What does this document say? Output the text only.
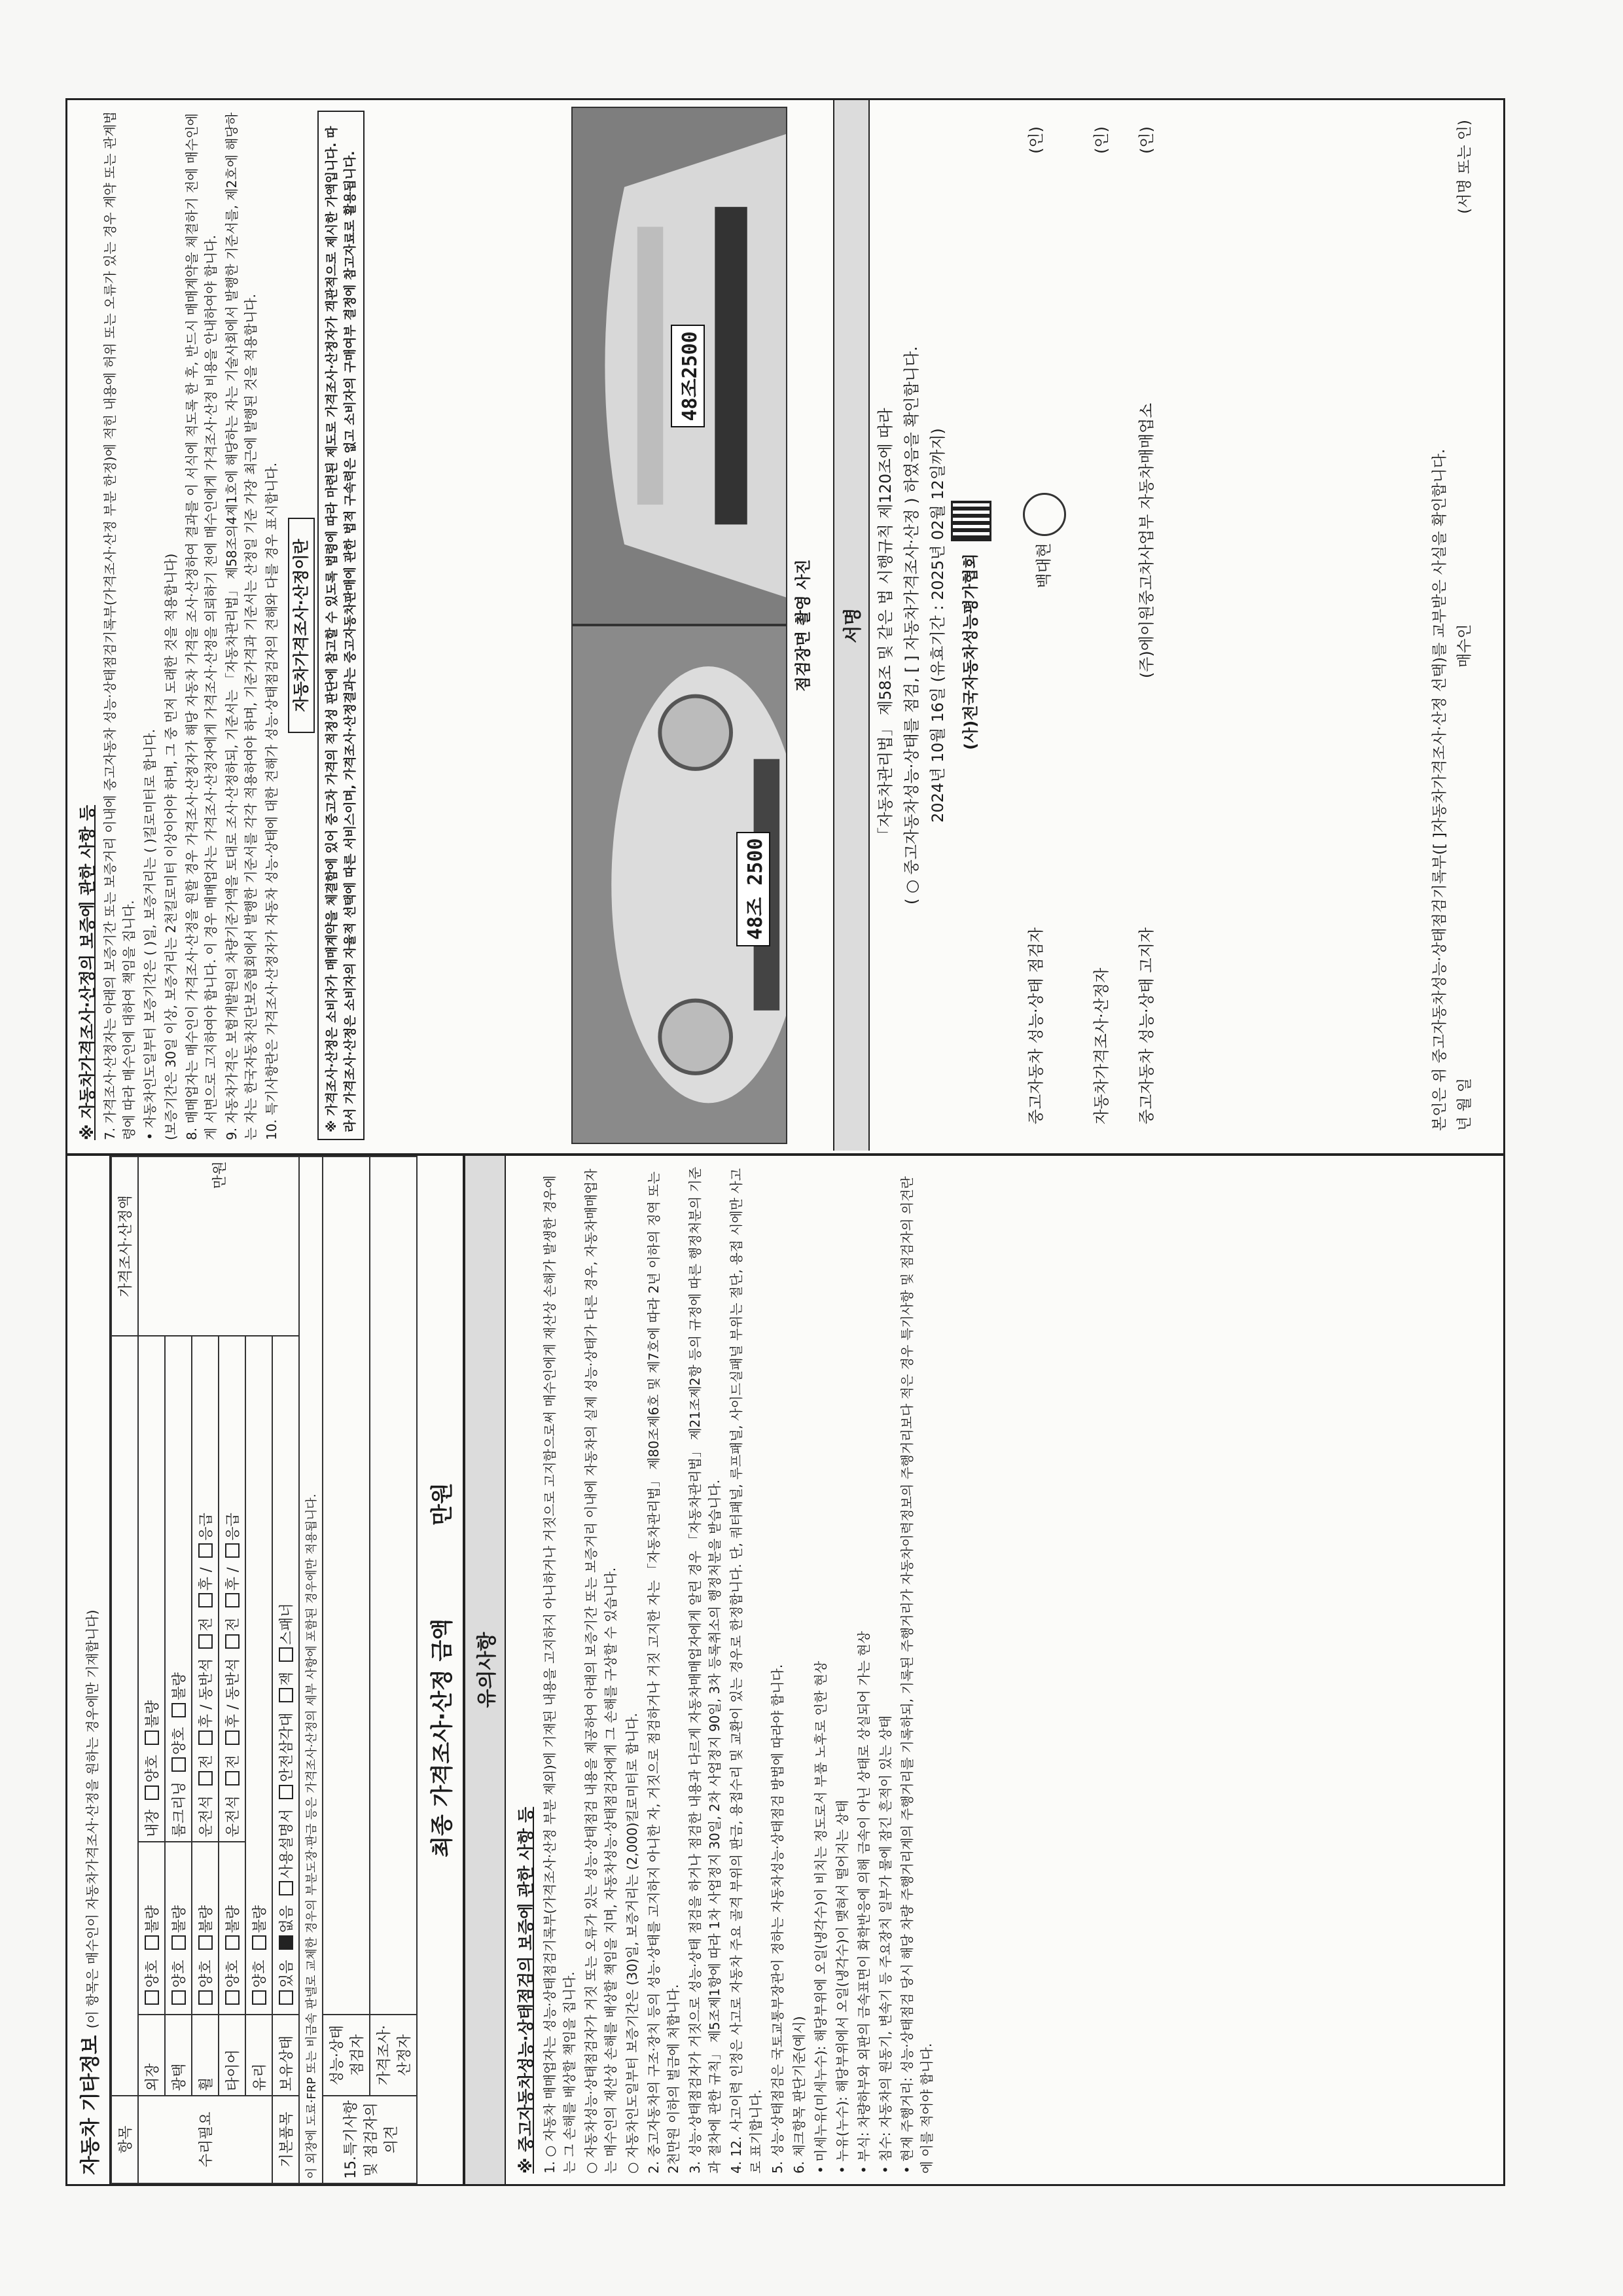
자동차 기타정보 (이 항목은 매수인이 자동차가격조사·산정을 원하는 경우에만 기재합니다)
항목				가격조사·산정액
수리필요	외장	양호 불량	내장 양호 불량	만원
	광택	양호 불량	룸크리닝 양호 불량	
	휠	양호 불량	운전석 전 후 / 동반석 전 후 / 응급	
	타이어	양호 불량	운전석 전 후 / 동반석 전 후 / 응급	
	유리	양호 불량		
기본품목	보유상태	있음 없음 사용설명서 안전삼각대 잭 스패너		
이 외장에 도료·FRP 또는 비금속 판넬로 교체한 경우의 부분도장·판금 등은 가격조사·산정의 세부 사항에 포함된 경우에만 적용됩니다.				
15.특기사항 및 점검자의 의견	성능·상태 점검자			
	가격조사·산정자			
최종 가격조사·산정 금액            만원
유의사항
※ 중고자동차성능·상태점검의 보증에 관한 사항 등 1. ○ 자동차 매매업자는 성능·상태점검기록부(가격조사·산정 부분 제외)에 기재된 내용을 고지하지 아니하거나 거짓으로 고지함으로써 매수인에게 재산상 손해가 발생한 경우에는 그 손해를 배상할 책임을 집니다. ○ 자동차성능·상태점검자가 거짓 또는 오류가 있는 성능·상태점검 내용을 제공하여 아래의 보증기간 또는 보증거리 이내에 자동차의 실제 성능·상태가 다른 경우, 자동차매매업자는 매수인의 재산상 손해를 배상할 책임을 지며, 자동차성능·상태점검자에게 그 손해를 구상할 수 있습니다. ○ 자동차인도일부터 보증기간은 (30)일, 보증거리는 (2,000)킬로미터로 합니다. 2. 중고자동차의 구조·장치 등의 성능·상태를 고지하지 아니한 자, 거짓으로 점검하거나 거짓 고지한 자는 「자동차관리법」 제80조제6호 및 제7호에 따라 2년 이하의 징역 또는 2천만원 이하의 벌금에 처합니다. 3. 성능·상태점검자가 거짓으로 성능·상태 점검을 하거나 점검한 내용과 다르게 자동차매매업자에게 알린 경우 「자동차관리법」 제21조제2항 등의 규정에 따른 행정처분의 기준과 절차에 관한 규칙」 제5조제1항에 따라 1차 사업정지 30일, 2차 사업정지 90일, 3차 등록취소의 행정처분을 받습니다. 4. 12. 사고이력 인정은 사고로 자동차 주요 골격 부위의 판금, 용접수리 및 교환이 있는 경우로 한정합니다. 단, 쿼터패널, 루프패널, 사이드실패널 부위는 절단, 용접 시에만 사고로 표기합니다. 5. 성능·상태점검은 국토교통부장관이 정하는 자동차성능·상태점검 방법에 따라야 합니다. 6. 체크항목 판단기준(예시) • 미세누유(미세누수): 해당부위에 오일(냉각수)이 비치는 정도로서 부품 노후로 인한 현상 • 누유(누수): 해당부위에서 오일(냉각수)이 맺혀서 떨어지는 상태 • 부식: 차량하부와 외판의 금속표면이 화학반응에 의해 금속이 아닌 상태로 상실되어 가는 현상 • 침수: 자동차의 원동기, 변속기 등 주요장치 일부가 물에 잠긴 흔적이 있는 상태 • 현재 주행거리: 성능·상태점검 당시 해당 차량 주행거리계의 주행거리를 기록하되, 기록된 주행거리가 자동차이력정보의 주행거리보다 적은 경우 특기사항 및 점검자의 의견란에 이를 적어야 합니다.

※ 자동차가격조사·산정의 보증에 관한 사항 등 7. 가격조사·산정자는 아래의 보증기간 또는 보증거리 이내에 중고자동차 성능·상태점검기록부(가격조사·산정 부분 한정)에 적힌 내용에 허위 또는 오류가 있는 경우 계약 또는 관계법령에 따라 매수인에 대하여 책임을 집니다. • 자동차인도일부터 보증기간은 ( )일, 보증거리는 ( )킬로미터로 합니다. (보증기간은 30일 이상, 보증거리는 2천킬로미터 이상이어야 하며, 그 중 먼저 도래한 것을 적용합니다) 8. 매매업자는 매수인이 가격조사·산정을 원할 경우 가격조사·산정자가 해당 자동차 가격을 조사·산정하여 결과를 이 서식에 적도록 한 후, 반드시 매매계약을 체결하기 전에 매수인에게 서면으로 고지하여야 합니다. 이 경우 매매업자는 가격조사·산정자에게 가격조사·산정을 의뢰하기 전에 매수인에게 가격조사·산정 비용을 안내하여야 합니다. 9. 자동차가격은 보험개발원의 차량기준가액을 토대로 조사·산정하되, 기준서는 「자동차관리법」 제58조의4제1호에 해당하는 자는 기술사회에서 발행한 기준서를, 제2호에 해당하는 자는 한국자동차진단보증협회에서 발행한 기준서를 각각 적용하여야 하며, 기준가격과 기준서는 산정일 기준 가장 최근에 발행된 것을 적용합니다. 10. 특기사항란은 가격조사·산정자가 자동차 성능·상태에 대한 견해가 성능·상태점검자의 견해와 다를 경우 표시합니다. 자동차가격조사·산정이란	※ 가격조사·산정은 소비자가 매매계약을 체결함에 있어 중고차 가격의 적정성 판단에 참고할 수 있도록 법령에 따라 마련된 제도로 가격조사·산정자가 객관적으로 제시한 가액입니다. 따라서 가격조사·산정은 소비자의 자율적 선택에 따른 서비스이며, 가격조사·산정결과는 중고자동차판매에 관한 법적 구속력은 없고 소비자의 구매여부 결정에 참고자료로 활용됩니다.	48조 2500
48조2500
점검장면 촬영 사진	서명 「자동차관리법」 제58조 및 같은 법 시행규칙 제120조에 따라 ( ○ 중고자동차성능·상태를 점검, [ ] 자동차가격조사·산정 ) 하였음을 확인합니다. 2024년 10월 16일 (유효기간 : 2025년 02월 12일까지) (사)전국자동차성능평가협회
중고자동차 성능·상태 점검자
백대현
(인)
자동차가격조사·산정자
(인)
중고자동차 성능·상태 고지자
(주)에이원중고차사업부 자동차매매업소
(인)
본인은 위 중고자동차성능·상태점검기록부([ ]자동차가격조사·산정 선택)를 교부받은 사실을 확인합니다. 년 월 일
매수인
(서명 또는 인)
